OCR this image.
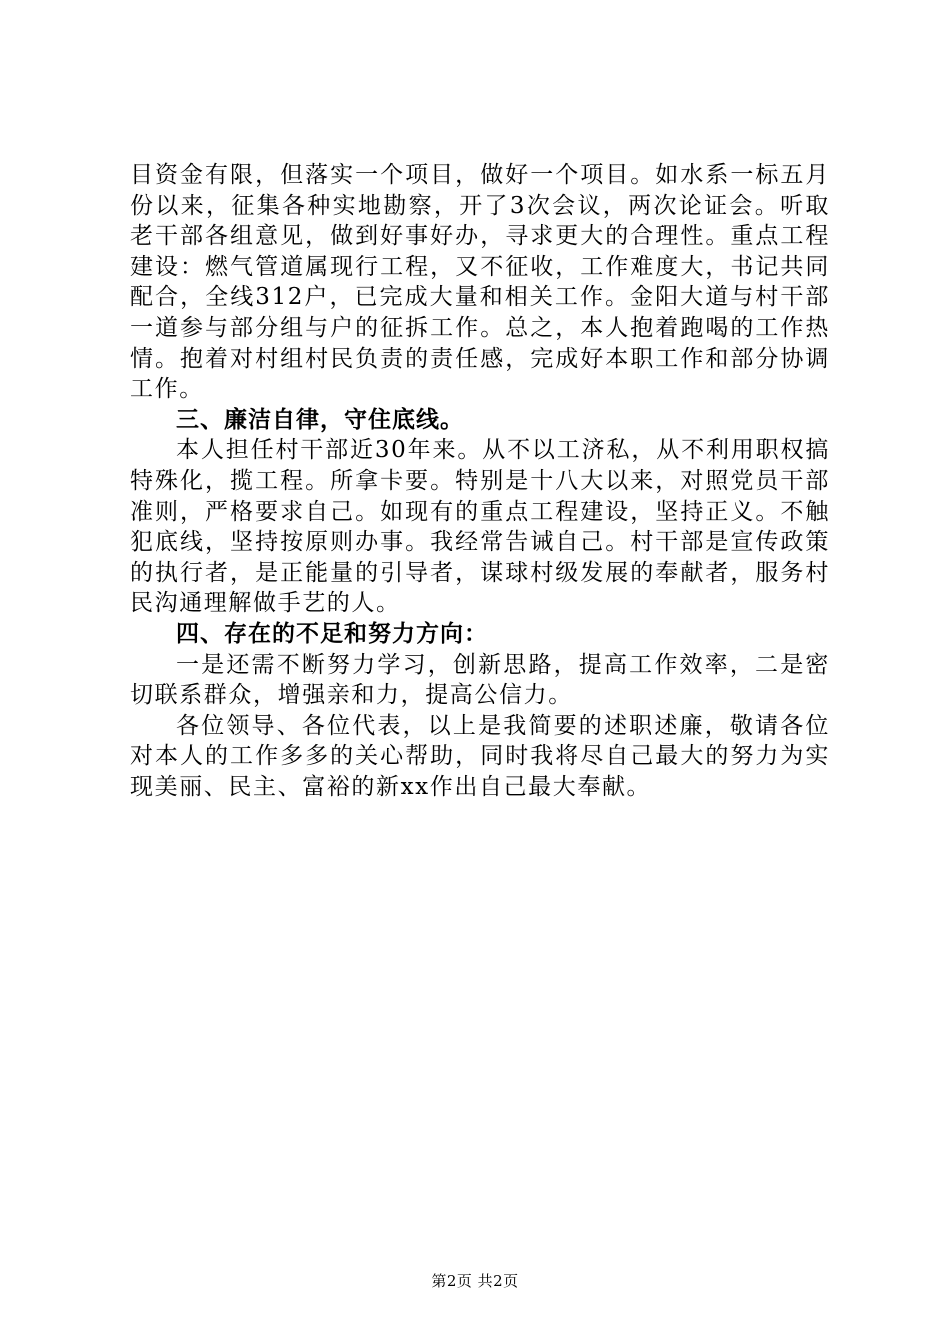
目资金有限，但落实一个项目，做好一个项目。如水系一标五月份以来，征集各种实地勘察，开了3次会议，两次论证会。听取老干部各组意见，做到好事好办，寻求更大的合理性。重点工程建设：燃气管道属现行工程，又不征收，工作难度大，书记共同配合，全线312户，已完成大量和相关工作。金阳大道与村干部一道参与部分组与户的征拆工作。总之，本人抱着跑喝的工作热情。抱着对村组村民负责的责任感，完成好本职工作和部分协调工作。

三、廉洁自律，守住底线。

本人担任村干部近30年来。从不以工济私，从不利用职权搞特殊化，揽工程。所拿卡要。特别是十八大以来，对照党员干部准则，严格要求自己。如现有的重点工程建设，坚持正义。不触犯底线，坚持按原则办事。我经常告诫自己。村干部是宣传政策的执行者，是正能量的引导者，谋球村级发展的奉献者，服务村民沟通理解做手艺的人。

四、存在的不足和努力方向：

一是还需不断努力学习，创新思路，提高工作效率，二是密切联系群众，增强亲和力，提高公信力。

各位领导、各位代表，以上是我简要的述职述廉，敬请各位对本人的工作多多的关心帮助，同时我将尽自己最大的努力为实现美丽、民主、富裕的新xx作出自己最大奉献。

第2页 共2页
